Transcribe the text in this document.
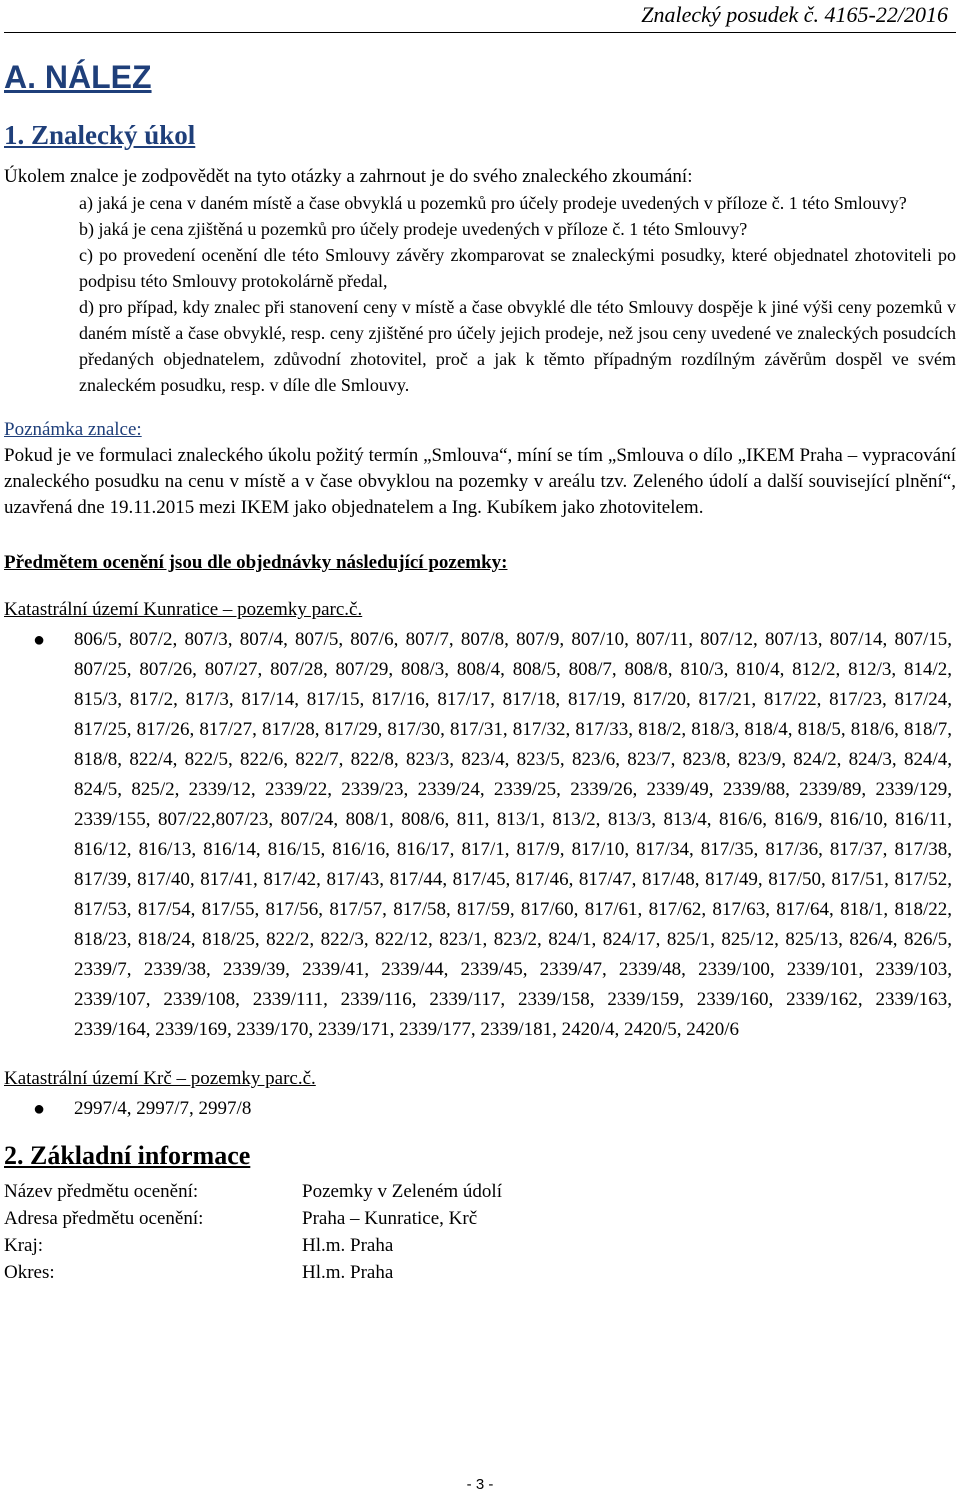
Znalecký posudek č. 4165-22/2016
A. NÁLEZ
1. Znalecký úkol

Úkolem znalce je zodpovědět na tyto otázky a zahrnout je do svého znaleckého zkoumání:

a) jaká je cena v daném místě a čase obvyklá u pozemků pro účely prodeje uvedených v příloze č. 1 této Smlouvy?

b) jaká je cena zjištěná u pozemků pro účely prodeje uvedených v příloze č. 1 této Smlouvy?

c) po provedení ocenění dle této Smlouvy závěry zkomparovat se znaleckými posudky, které objednatel zhotoviteli po podpisu této Smlouvy protokolárně předal,

d) pro případ, kdy znalec při stanovení ceny v místě a čase obvyklé dle této Smlouvy dospěje k jiné výši ceny pozemků v daném místě a čase obvyklé, resp. ceny zjištěné pro účely jejich prodeje, než jsou ceny uvedené ve znaleckých posudcích předaných objednatelem, zdůvodní zhotovitel, proč a jak k těmto případným rozdílným závěrům dospěl ve svém znaleckém posudku, resp. v díle dle Smlouvy.

Poznámka znalce:

Pokud je ve formulaci znaleckého úkolu požitý termín „Smlouva“, míní se tím „Smlouva o dílo „IKEM Praha – vypracování znaleckého posudku na cenu v místě a v čase obvyklou na pozemky v areálu tzv. Zeleného údolí a další související plnění“, uzavřená dne 19.11.2015 mezi IKEM jako objednatelem a Ing. Kubíkem jako zhotovitelem.

Předmětem ocenění jsou dle objednávky následující pozemky:
Katastrální území Kunratice – pozemky parc.č.
●	806/5, 807/2, 807/3, 807/4, 807/5, 807/6, 807/7, 807/8, 807/9, 807/10, 807/11, 807/12, 807/13, 807/14, 807/15, 807/25, 807/26, 807/27, 807/28, 807/29, 808/3, 808/4, 808/5, 808/7, 808/8, 810/3, 810/4, 812/2, 812/3, 814/2, 815/3, 817/2, 817/3, 817/14, 817/15, 817/16, 817/17, 817/18, 817/19, 817/20, 817/21, 817/22, 817/23, 817/24, 817/25, 817/26, 817/27, 817/28, 817/29, 817/30, 817/31, 817/32, 817/33, 818/2, 818/3, 818/4, 818/5, 818/6, 818/7, 818/8, 822/4, 822/5, 822/6, 822/7, 822/8, 823/3, 823/4, 823/5, 823/6, 823/7, 823/8, 823/9, 824/2, 824/3, 824/4, 824/5, 825/2, 2339/12, 2339/22, 2339/23, 2339/24, 2339/25, 2339/26, 2339/49, 2339/88, 2339/89, 2339/129, 2339/155, 807/22,807/23, 807/24, 808/1, 808/6, 811, 813/1, 813/2, 813/3, 813/4, 816/6, 816/9, 816/10, 816/11, 816/12, 816/13, 816/14, 816/15, 816/16, 816/17, 817/1, 817/9, 817/10, 817/34, 817/35, 817/36, 817/37, 817/38, 817/39, 817/40, 817/41, 817/42, 817/43, 817/44, 817/45, 817/46, 817/47, 817/48, 817/49, 817/50, 817/51, 817/52, 817/53, 817/54, 817/55, 817/56, 817/57, 817/58, 817/59, 817/60, 817/61, 817/62, 817/63, 817/64, 818/1, 818/22, 818/23, 818/24, 818/25, 822/2, 822/3, 822/12, 823/1, 823/2, 824/1, 824/17, 825/1, 825/12, 825/13, 826/4, 826/5, 2339/7, 2339/38, 2339/39, 2339/41, 2339/44, 2339/45, 2339/47, 2339/48, 2339/100, 2339/101, 2339/103, 2339/107, 2339/108, 2339/111, 2339/116, 2339/117, 2339/158, 2339/159, 2339/160, 2339/162, 2339/163, 2339/164, 2339/169, 2339/170, 2339/171, 2339/177, 2339/181, 2420/4, 2420/5, 2420/6
Katastrální území Krč – pozemky parc.č.
●	2997/4, 2997/7, 2997/8
2. Základní informace
Název předmětu ocenění:	Pozemky v Zeleném údolí
Adresa předmětu ocenění:	Praha – Kunratice, Krč
Kraj:	Hl.m. Praha
Okres:	Hl.m. Praha
- 3 -
